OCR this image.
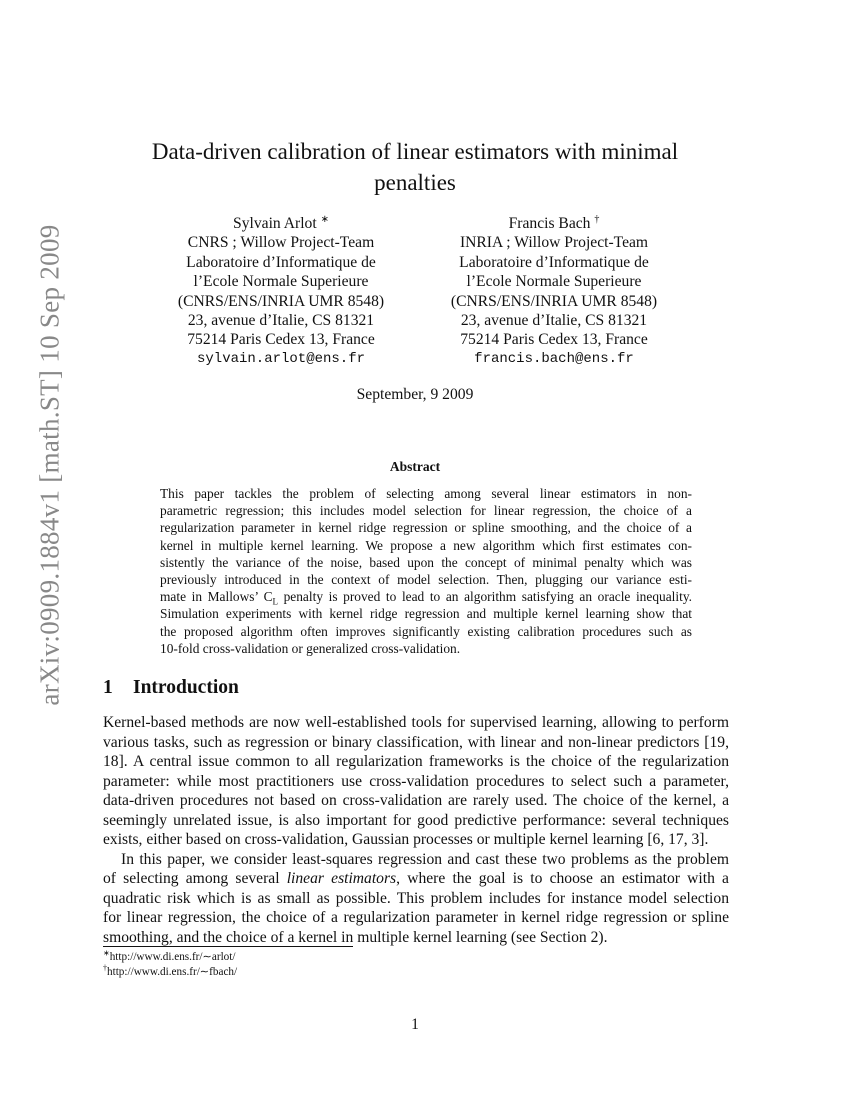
arXiv:0909.1884v1 [math.ST] 10 Sep 2009
Data-driven calibration of linear estimators with minimal
penalties
Sylvain Arlot ∗
CNRS ; Willow Project-Team
Laboratoire d’Informatique de
l’Ecole Normale Superieure
(CNRS/ENS/INRIA UMR 8548)
23, avenue d’Italie, CS 81321
75214 Paris Cedex 13, France
sylvain.arlot@ens.fr
Francis Bach †
INRIA ; Willow Project-Team
Laboratoire d’Informatique de
l’Ecole Normale Superieure
(CNRS/ENS/INRIA UMR 8548)
23, avenue d’Italie, CS 81321
75214 Paris Cedex 13, France
francis.bach@ens.fr
September, 9 2009
Abstract
This paper tackles the problem of selecting among several linear estimators in non-
parametric regression; this includes model selection for linear regression, the choice of a
regularization parameter in kernel ridge regression or spline smoothing, and the choice of a
kernel in multiple kernel learning. We propose a new algorithm which first estimates con-
sistently the variance of the noise, based upon the concept of minimal penalty which was
previously introduced in the context of model selection. Then, plugging our variance esti-
mate in Mallows’ $C_L$ penalty is proved to lead to an algorithm satisfying an oracle inequality.
Simulation experiments with kernel ridge regression and multiple kernel learning show that
the proposed algorithm often improves significantly existing calibration procedures such as
10-fold cross-validation or generalized cross-validation.
1 Introduction
Kernel-based methods are now well-established tools for supervised learning, allowing to perform
various tasks, such as regression or binary classification, with linear and non-linear predictors [19,
18]. A central issue common to all regularization frameworks is the choice of the regularization
parameter: while most practitioners use cross-validation procedures to select such a parameter,
data-driven procedures not based on cross-validation are rarely used. The choice of the kernel, a
seemingly unrelated issue, is also important for good predictive performance: several techniques
exists, either based on cross-validation, Gaussian processes or multiple kernel learning [6, 17, 3].
In this paper, we consider least-squares regression and cast these two problems as the problem
of selecting among several linear estimators, where the goal is to choose an estimator with a
quadratic risk which is as small as possible. This problem includes for instance model selection
for linear regression, the choice of a regularization parameter in kernel ridge regression or spline
smoothing, and the choice of a kernel in multiple kernel learning (see Section 2).
∗http://www.di.ens.fr/∼arlot/
†http://www.di.ens.fr/∼fbach/
1
